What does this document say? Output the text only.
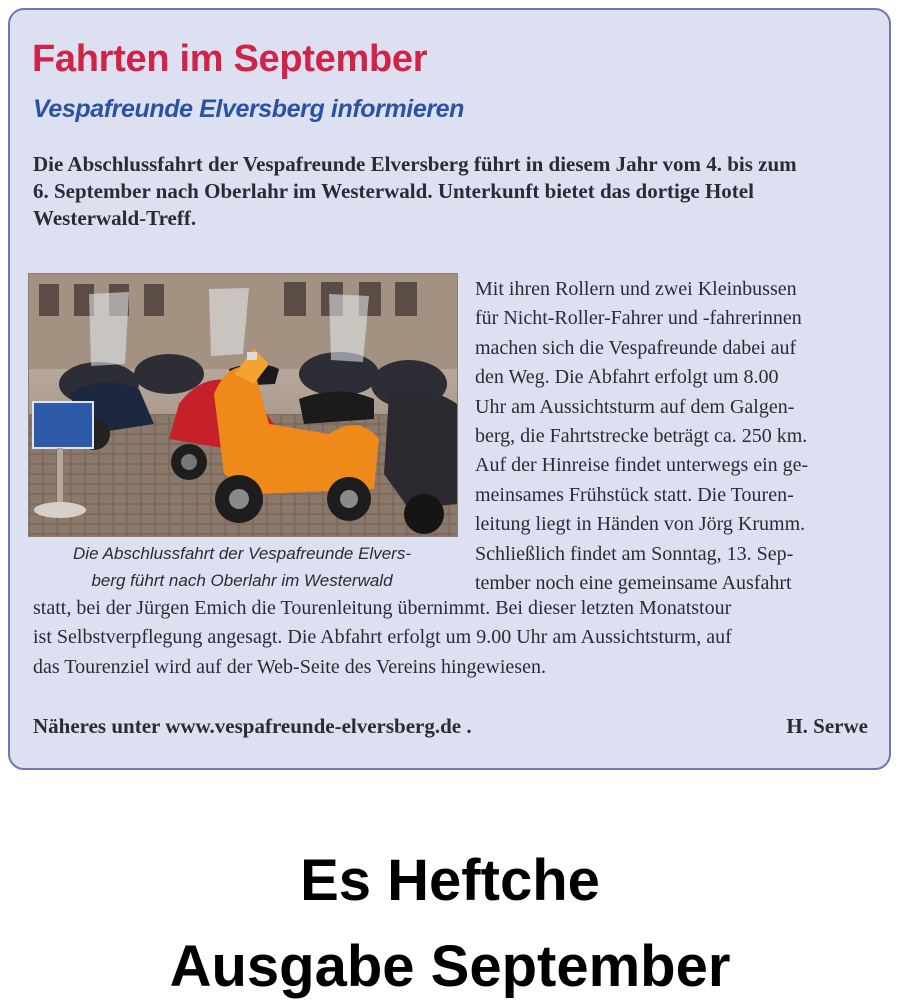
Fahrten im September
Vespafreunde Elversberg informieren

Die Abschlussfahrt der Vespafreunde Elversberg führt in diesem Jahr vom 4. bis zum
6. September nach Oberlahr im Westerwald. Unterkunft bietet das dortige Hotel
Westerwald-Treff.

Die Abschlussfahrt der Vespafreunde Elvers-
berg führt nach Oberlahr im Westerwald

Mit ihren Rollern und zwei Kleinbussen
für Nicht-Roller-Fahrer und -fahrerinnen
machen sich die Vespafreunde dabei auf
den Weg. Die Abfahrt erfolgt um 8.00
Uhr am Aussichtsturm auf dem Galgen-
berg, die Fahrtstrecke beträgt ca. 250 km.
Auf der Hinreise findet unterwegs ein ge-
meinsames Frühstück statt. Die Touren-
leitung liegt in Händen von Jörg Krumm.
Schließlich findet am Sonntag, 13. Sep-
tember noch eine gemeinsame Ausfahrt

statt, bei der Jürgen Emich die Tourenleitung übernimmt. Bei dieser letzten Monatstour
ist Selbstverpflegung angesagt. Die Abfahrt erfolgt um 9.00 Uhr am Aussichtsturm, auf
das Tourenziel wird auf der Web-Seite des Vereins hingewiesen.

Näheres unter www.vespafreunde-elversberg.de .	H. Serwe

Es Heftche

Ausgabe September
